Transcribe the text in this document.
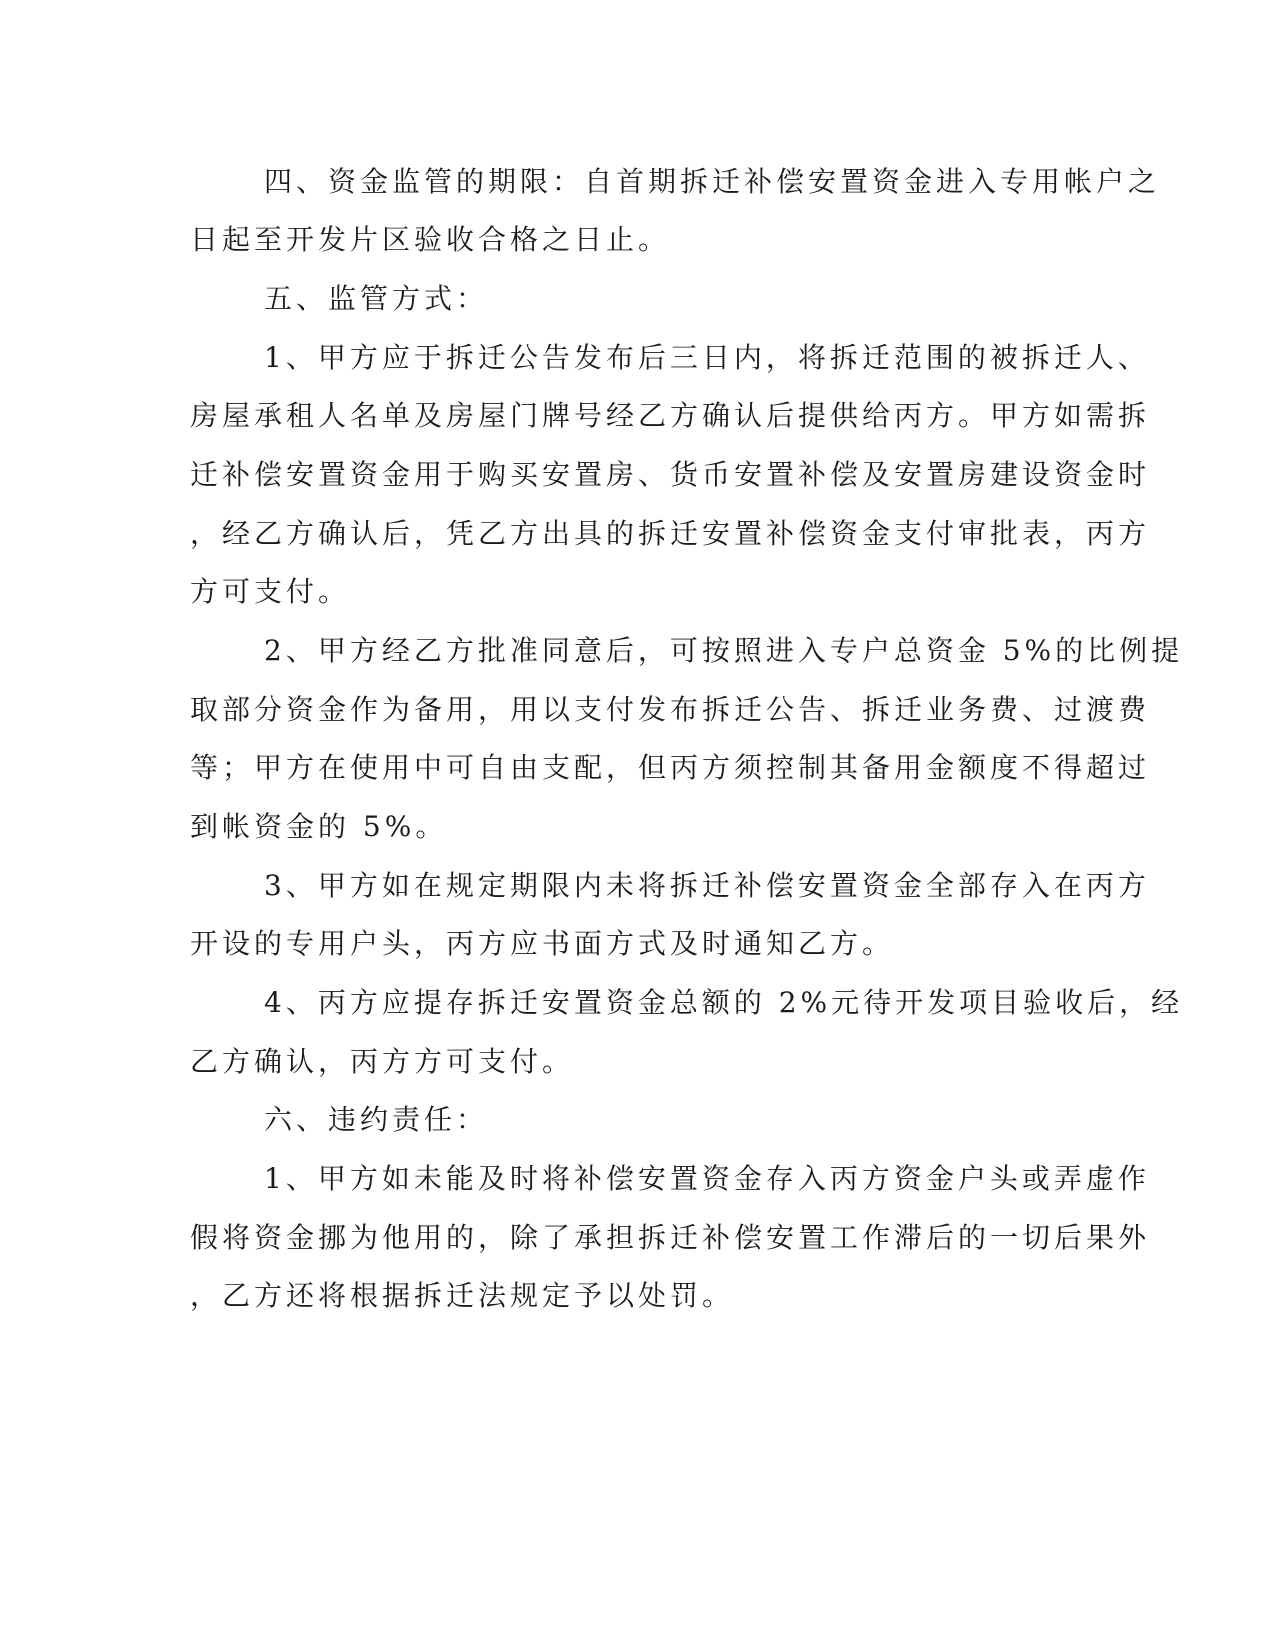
四、资金监管的期限：自首期拆迁补偿安置资金进入专用帐户之
日起至开发片区验收合格之日止。
五、监管方式：
1、甲方应于拆迁公告发布后三日内，将拆迁范围的被拆迁人、
房屋承租人名单及房屋门牌号经乙方确认后提供给丙方。甲方如需拆
迁补偿安置资金用于购买安置房、货币安置补偿及安置房建设资金时
，经乙方确认后，凭乙方出具的拆迁安置补偿资金支付审批表，丙方
方可支付。
2、甲方经乙方批准同意后，可按照进入专户总资金 5%的比例提
取部分资金作为备用，用以支付发布拆迁公告、拆迁业务费、过渡费
等；甲方在使用中可自由支配，但丙方须控制其备用金额度不得超过
到帐资金的 5%。
3、甲方如在规定期限内未将拆迁补偿安置资金全部存入在丙方
开设的专用户头，丙方应书面方式及时通知乙方。
4、丙方应提存拆迁安置资金总额的 2%元待开发项目验收后，经
乙方确认，丙方方可支付。
六、违约责任：
1、甲方如未能及时将补偿安置资金存入丙方资金户头或弄虚作
假将资金挪为他用的，除了承担拆迁补偿安置工作滞后的一切后果外
，乙方还将根据拆迁法规定予以处罚。
